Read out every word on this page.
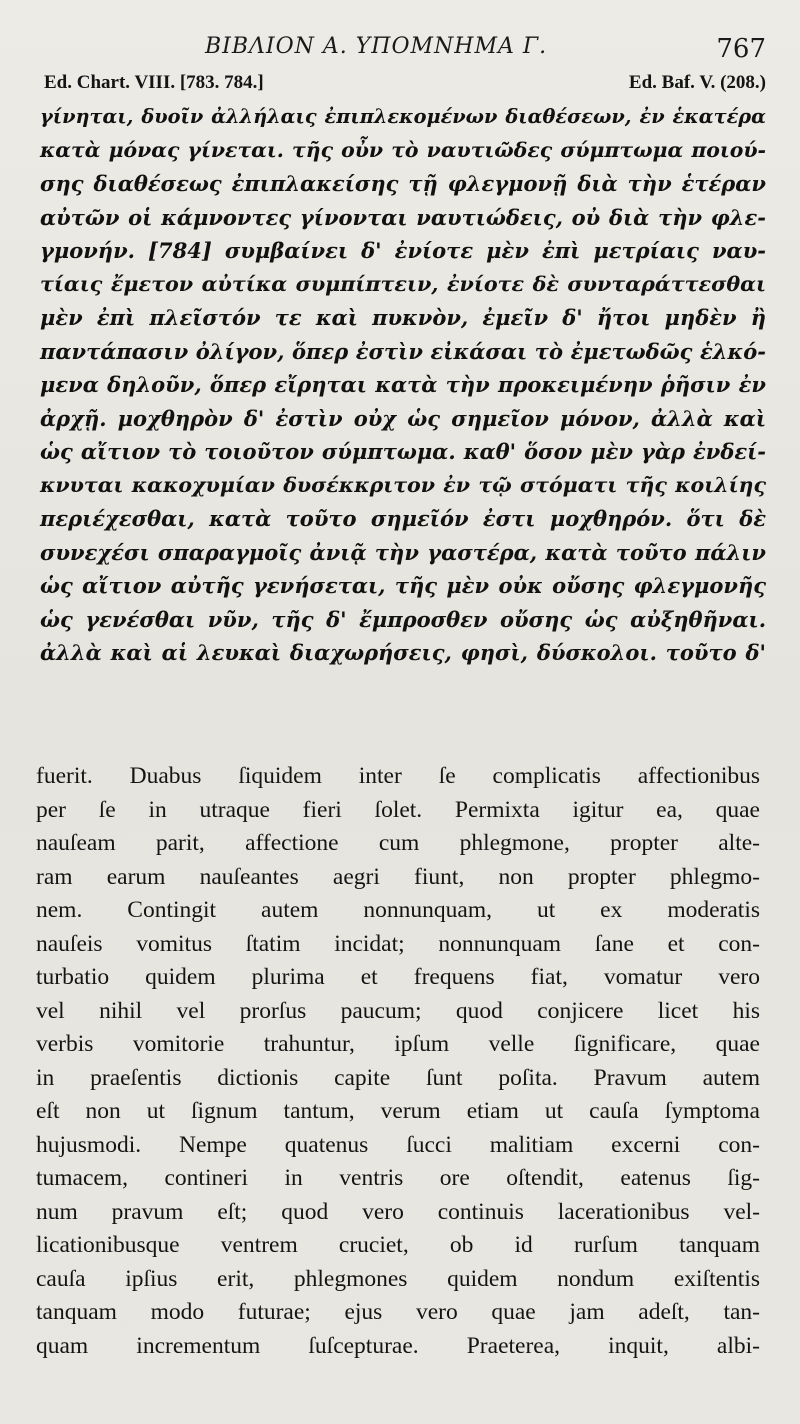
ΒΙΒΛΙΟΝ Α. ΥΠΟΜΝΗΜΑ Γ.	767
Ed. Chart. VIII. [783. 784.]	Ed. Baf. V. (208.)
γίνηται, δυοῖν ἀλλήλαις ἐπιπλεκομένων διαθέσεων, ἐν ἑκατέρα
κατὰ μόνας γίνεται. τῆς οὖν τὸ ναυτιῶδες σύμπτωμα ποιού-
σης διαθέσεως ἐπιπλακείσης τῇ φλεγμονῇ διὰ τὴν ἑτέραν
αὐτῶν οἱ κάμνοντες γίνονται ναυτιώδεις, οὐ διὰ τὴν φλε-
γμονήν. [784] συμβαίνει δ' ἐνίοτε μὲν ἐπὶ μετρίαις ναυ-
τίαις ἔμετον αὐτίκα συμπίπτειν, ἐνίοτε δὲ συνταράττεσθαι
μὲν ἐπὶ πλεῖστόν τε καὶ πυκνὸν, ἐμεῖν δ' ἤτοι μηδὲν ἢ
παντάπασιν ὀλίγον, ὅπερ ἐστὶν εἰκάσαι τὸ ἐμετωδῶς ἑλκό-
μενα δηλοῦν, ὅπερ εἴρηται κατὰ τὴν προκειμένην ῥῆσιν ἐν
ἀρχῇ. μοχθηρὸν δ' ἐστὶν οὐχ ὡς σημεῖον μόνον, ἀλλὰ καὶ
ὡς αἴτιον τὸ τοιοῦτον σύμπτωμα. καθ' ὅσον μὲν γὰρ ἐνδεί-
κνυται κακοχυμίαν δυσέκκριτον ἐν τῷ στόματι τῆς κοιλίης
περιέχεσθαι, κατὰ τοῦτο σημεῖόν ἐστι μοχθηρόν. ὅτι δὲ
συνεχέσι σπαραγμοῖς ἀνιᾷ τὴν γαστέρα, κατὰ τοῦτο πάλιν
ὡς αἴτιον αὐτῆς γενήσεται, τῆς μὲν οὐκ οὔσης φλεγμονῆς
ὡς γενέσθαι νῦν, τῆς δ' ἔμπροσθεν οὔσης ὡς αὐξηθῆναι.
ἀλλὰ καὶ αἱ λευκαὶ διαχωρήσεις, φησὶ, δύσκολοι. τοῦτο δ'
fuerit. Duabus ſiquidem inter ſe complicatis affectionibus
per ſe in utraque fieri ſolet. Permixta igitur ea, quae
nauſeam parit, affectione cum phlegmone, propter alte-
ram earum nauſeantes aegri fiunt, non propter phlegmo-
nem. Contingit autem nonnunquam, ut ex moderatis
nauſeis vomitus ſtatim incidat; nonnunquam ſane et con-
turbatio quidem plurima et frequens fiat, vomatur vero
vel nihil vel prorſus paucum; quod conjicere licet his
verbis vomitorie trahuntur, ipſum velle ſignificare, quae
in praeſentis dictionis capite ſunt poſita. Pravum autem
eſt non ut ſignum tantum, verum etiam ut cauſa ſymptoma
hujusmodi. Nempe quatenus ſucci malitiam excerni con-
tumacem, contineri in ventris ore oſtendit, eatenus ſig-
num pravum eſt; quod vero continuis lacerationibus vel-
licationibusque ventrem cruciet, ob id rurſum tanquam
cauſa ipſius erit, phlegmones quidem nondum exiſtentis
tanquam modo futurae; ejus vero quae jam adeſt, tan-
quam incrementum ſuſcepturae. Praeterea, inquit, albi-
